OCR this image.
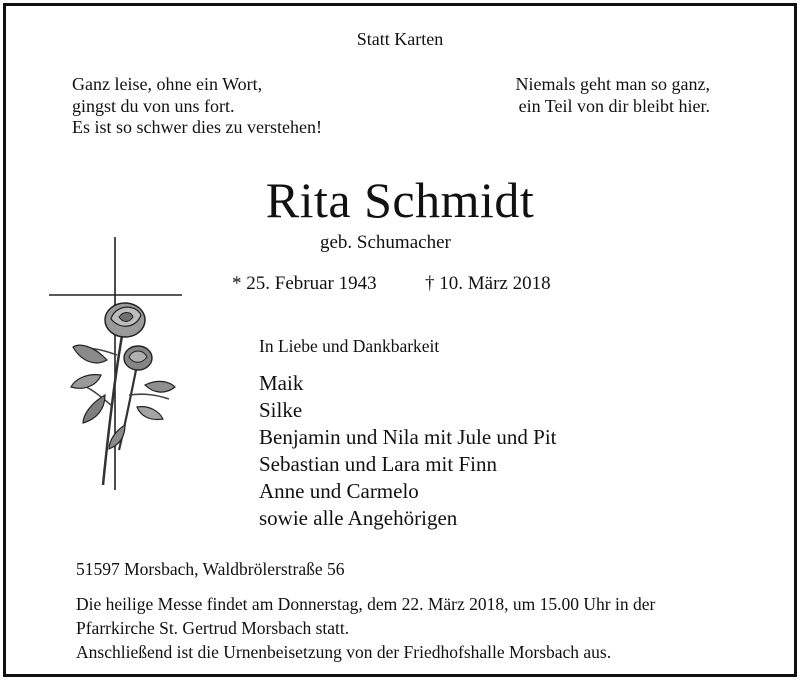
Statt Karten
Ganz leise, ohne ein Wort,
gingst du von uns fort.
Es ist so schwer dies zu verstehen!
Niemals geht man so ganz,
ein Teil von dir bleibt hier.
Rita Schmidt
geb. Schumacher
* 25. Februar 1943	† 10. März 2018
In Liebe und Dankbarkeit
Maik
Silke
Benjamin und Nila mit Jule und Pit
Sebastian und Lara mit Finn
Anne und Carmelo
sowie alle Angehörigen
51597 Morsbach, Waldbrölerstraße 56
Die heilige Messe findet am Donnerstag, dem 22. März 2018, um 15.00 Uhr in der
Pfarrkirche St. Gertrud Morsbach statt.
Anschließend ist die Urnenbeisetzung von der Friedhofshalle Morsbach aus.
